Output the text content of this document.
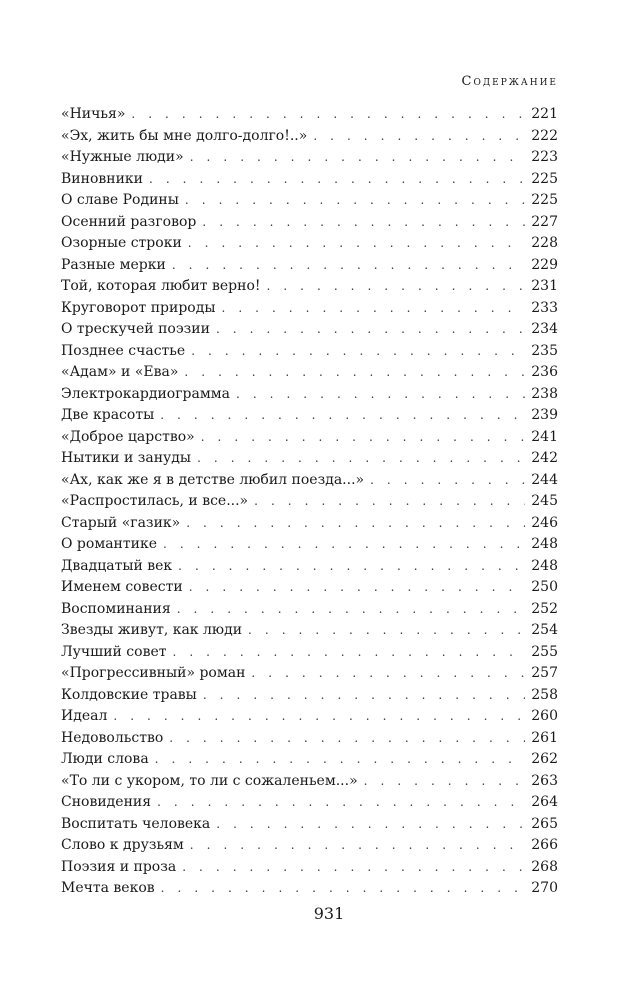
Содержание
«Ничья» . . .	221
«Эх, жить бы мне долго-долго!..» . . .	222
«Нужные люди» . . .	223
Виновники . . .	225
О славе Родины . . .	225
Осенний разговор . . .	227
Озорные строки . . .	228
Разные мерки . . .	229
Той, которая любит верно! . . .	231
Круговорот природы . . .	233
О трескучей поэзии . . .	234
Позднее счастье . . .	235
«Адам» и «Ева» . . .	236
Электрокардиограмма . . .	238
Две красоты . . .	239
«Доброе царство» . . .	241
Нытики и зануды . . .	242
«Ах, как же я в детстве любил поезда...» . . .	244
«Распростилась, и все...» . . .	245
Старый «газик» . . .	246
О романтике . . .	248
Двадцатый век . . .	248
Именем совести . . .	250
Воспоминания . . .	252
Звезды живут, как люди . . .	254
Лучший совет . . .	255
«Прогрессивный» роман . . .	257
Колдовские травы . . .	258
Идеал . . .	260
Недовольство . . .	261
Люди слова . . .	262
«То ли с укором, то ли с сожаленьем...» . . .	263
Сновидения . . .	264
Воспитать человека . . .	265
Слово к друзьям . . .	266
Поэзия и проза . . .	268
Мечта веков . . .	270
931
